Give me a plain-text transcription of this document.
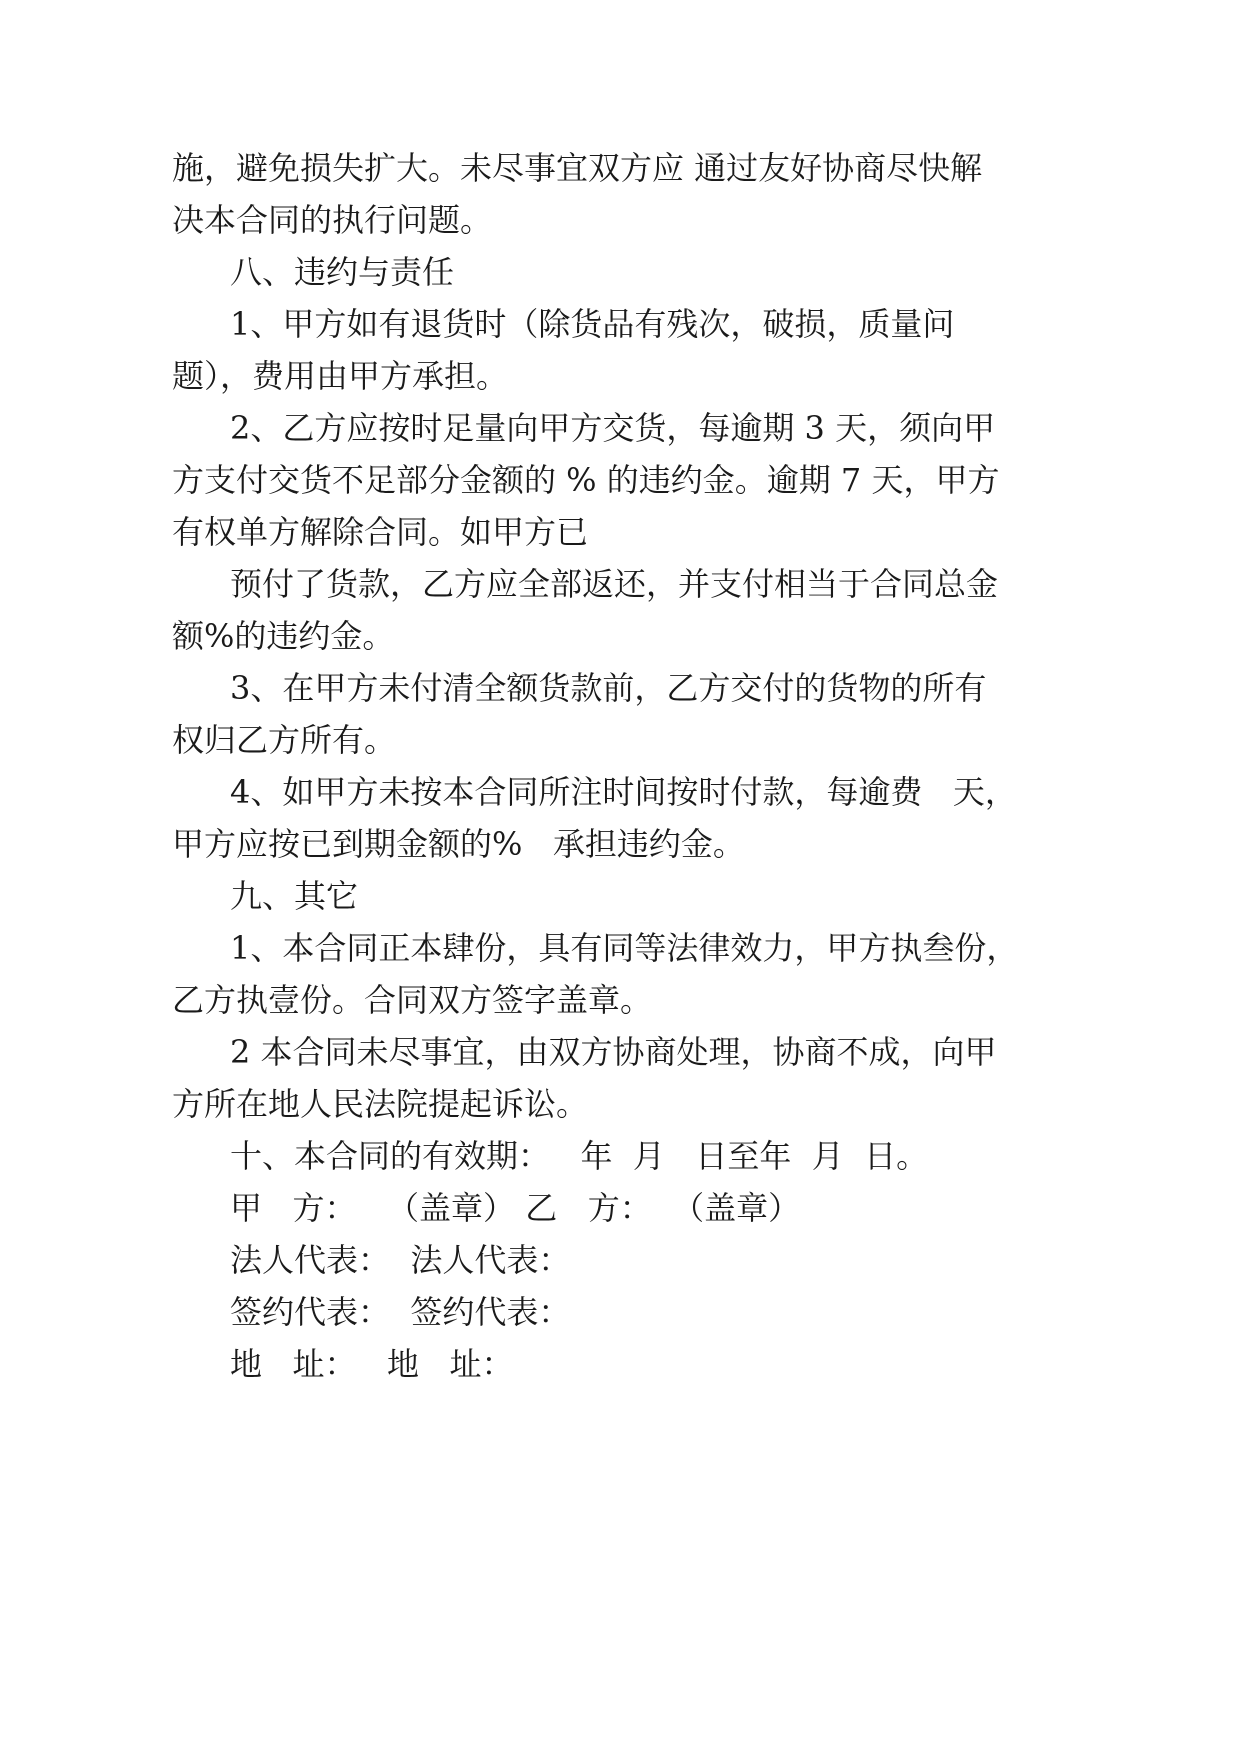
施，避免损失扩大。未尽事宜双方应 通过友好协商尽快解
决本合同的执行问题。
八、违约与责任
1、甲方如有退货时（除货品有残次，破损，质量问
题），费用由甲方承担。
2、乙方应按时足量向甲方交货，每逾期 3 天，须向甲
方支付交货不足部分金额的 % 的违约金。逾期 7 天，甲方
有权单方解除合同。如甲方已
预付了货款，乙方应全部返还，并支付相当于合同总金
额%的违约金。
3、在甲方未付清全额货款前，乙方交付的货物的所有
权归乙方所有。
4、如甲方未按本合同所注时间按时付款，每逾费   天，
甲方应按已到期金额的%   承担违约金。
九、其它
1、本合同正本肆份，具有同等法律效力，甲方执叁份，
乙方执壹份。合同双方签字盖章。
2 本合同未尽事宜，由双方协商处理，协商不成，向甲
方所在地人民法院提起诉讼。
十、本合同的有效期：   年  月   日至年  月  日。
甲   方：   （盖章） 乙   方：  （盖章）
法人代表：  法人代表：
签约代表：  签约代表：
地   址：   地   址：
